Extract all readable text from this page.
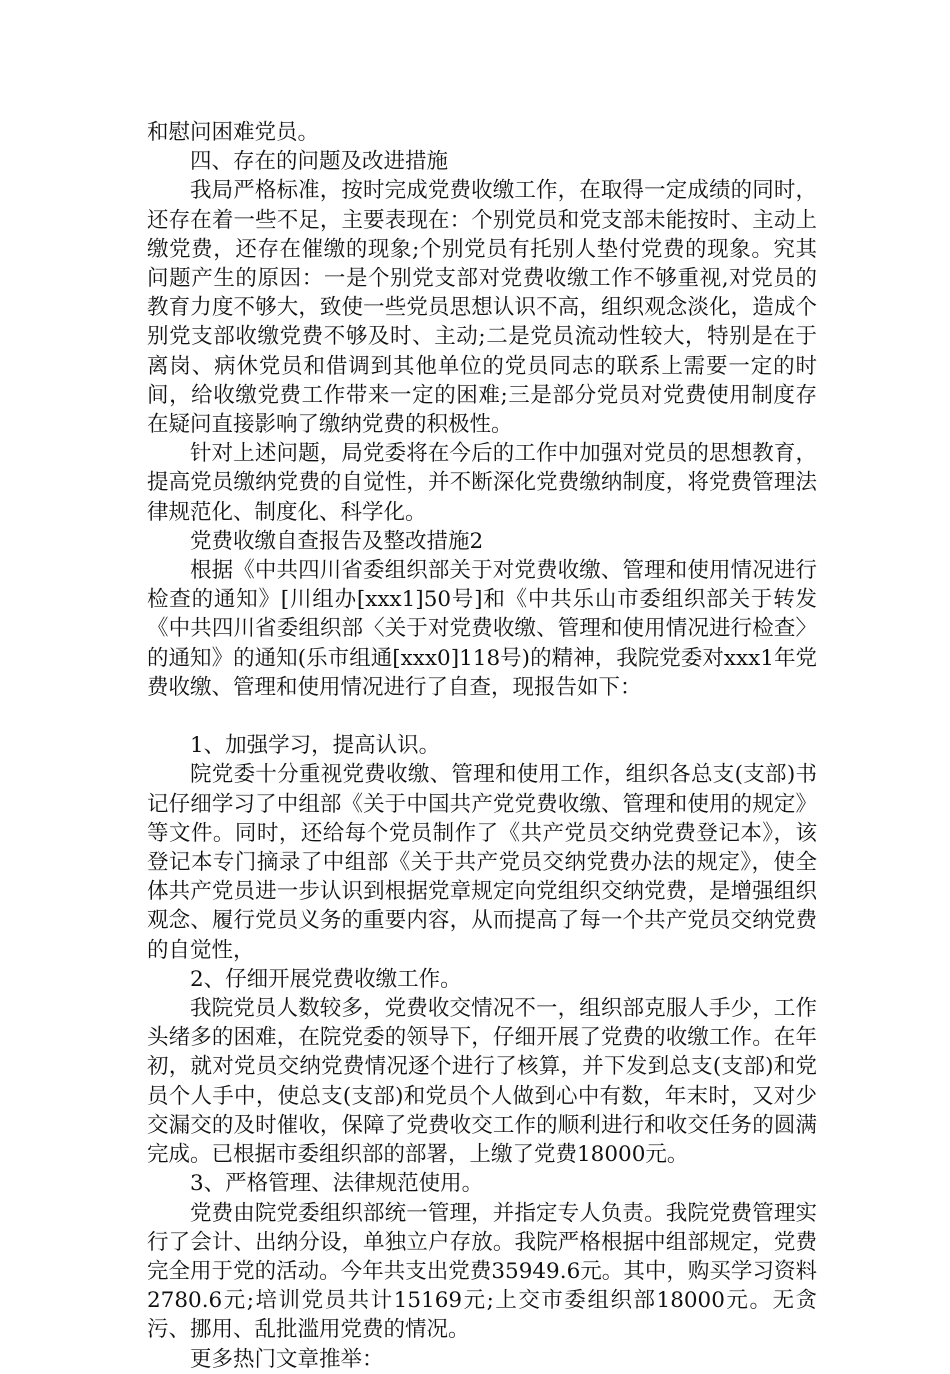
和慰问困难党员。

四、存在的问题及改进措施

我局严格标准，按时完成党费收缴工作，在取得一定成绩的同时，还存在着一些不足，主要表现在：个别党员和党支部未能按时、主动上缴党费，还存在催缴的现象;个别党员有托别人垫付党费的现象。究其问题产生的原因：一是个别党支部对党费收缴工作不够重视,对党员的教育力度不够大，致使一些党员思想认识不高，组织观念淡化，造成个别党支部收缴党费不够及时、主动;二是党员流动性较大，特别是在于离岗、病休党员和借调到其他单位的党员同志的联系上需要一定的时间，给收缴党费工作带来一定的困难;三是部分党员对党费使用制度存在疑问直接影响了缴纳党费的积极性。

针对上述问题，局党委将在今后的工作中加强对党员的思想教育，提高党员缴纳党费的自觉性，并不断深化党费缴纳制度，将党费管理法律规范化、制度化、科学化。

党费收缴自查报告及整改措施2

根据《中共四川省委组织部关于对党费收缴、管理和使用情况进行检查的通知》[川组办[xxx1]50号]和《中共乐山市委组织部关于转发《中共四川省委组织部〈关于对党费收缴、管理和使用情况进行检查〉的通知》的通知(乐市组通[xxx0]118号)的精神，我院党委对xxx1年党费收缴、管理和使用情况进行了自查，现报告如下：

1、加强学习，提高认识。

院党委十分重视党费收缴、管理和使用工作，组织各总支(支部)书记仔细学习了中组部《关于中国共产党党费收缴、管理和使用的规定》等文件。同时，还给每个党员制作了《共产党员交纳党费登记本》，该登记本专门摘录了中组部《关于共产党员交纳党费办法的规定》，使全体共产党员进一步认识到根据党章规定向党组织交纳党费，是增强组织观念、履行党员义务的重要内容，从而提高了每一个共产党员交纳党费的自觉性，

2、仔细开展党费收缴工作。

我院党员人数较多，党费收交情况不一，组织部克服人手少，工作头绪多的困难，在院党委的领导下，仔细开展了党费的收缴工作。在年初，就对党员交纳党费情况逐个进行了核算，并下发到总支(支部)和党员个人手中，使总支(支部)和党员个人做到心中有数，年末时，又对少交漏交的及时催收，保障了党费收交工作的顺利进行和收交任务的圆满完成。已根据市委组织部的部署，上缴了党费18000元。

3、严格管理、法律规范使用。

党费由院党委组织部统一管理，并指定专人负责。我院党费管理实行了会计、出纳分设，单独立户存放。我院严格根据中组部规定，党费完全用于党的活动。今年共支出党费35949.6元。其中，购买学习资料2780.6元;培训党员共计15169元;上交市委组织部18000元。无贪污、挪用、乱批滥用党费的情况。

更多热门文章推举：
